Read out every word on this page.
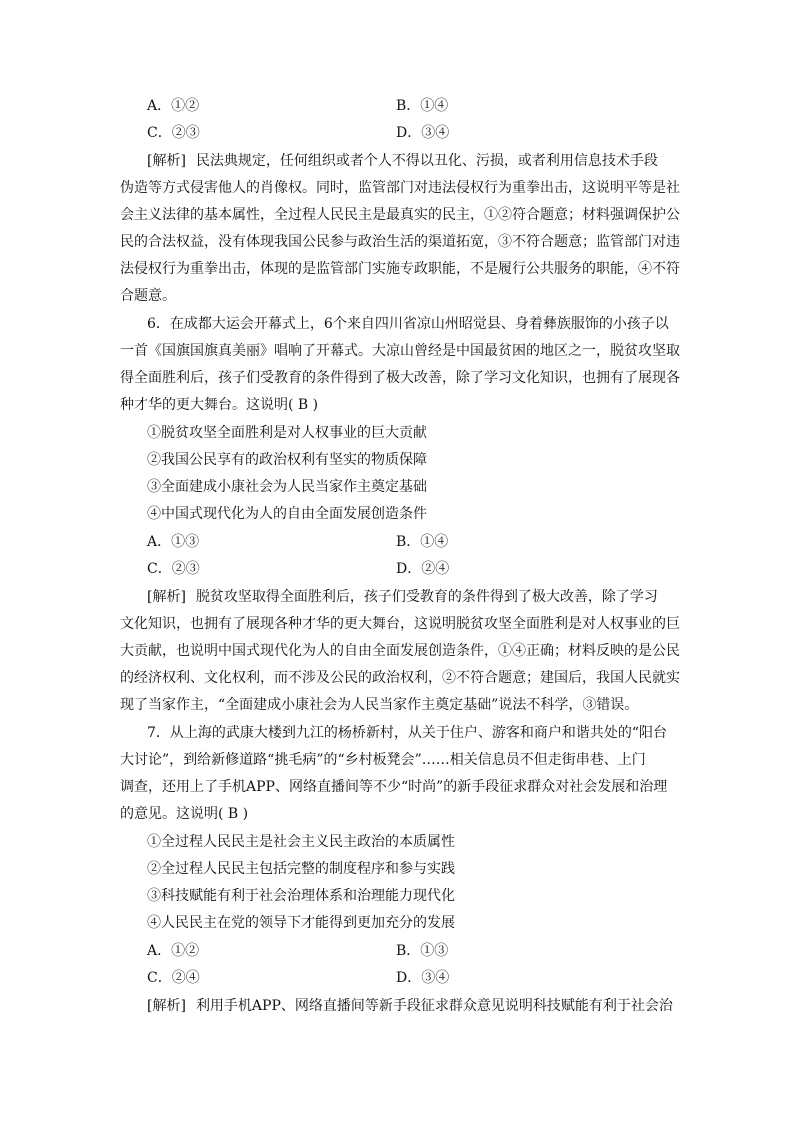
A．①②	B．①④
C．②③	D．③④
[解析] 民法典规定，任何组织或者个人不得以丑化、污损，或者利用信息技术手段
伪造等方式侵害他人的肖像权。同时，监管部门对违法侵权行为重拳出击，这说明平等是社
会主义法律的基本属性，全过程人民民主是最真实的民主，①②符合题意；材料强调保护公
民的合法权益，没有体现我国公民参与政治生活的渠道拓宽，③不符合题意；监管部门对违
法侵权行为重拳出击，体现的是监管部门实施专政职能，不是履行公共服务的职能，④不符
合题意。
6．在成都大运会开幕式上，6个来自四川省凉山州昭觉县、身着彝族服饰的小孩子以
一首《国旗国旗真美丽》唱响了开幕式。大凉山曾经是中国最贫困的地区之一，脱贫攻坚取
得全面胜利后，孩子们受教育的条件得到了极大改善，除了学习文化知识，也拥有了展现各
种才华的更大舞台。这说明( B )
①脱贫攻坚全面胜利是对人权事业的巨大贡献
②我国公民享有的政治权利有坚实的物质保障
③全面建成小康社会为人民当家作主奠定基础
④中国式现代化为人的自由全面发展创造条件
A．①③	B．①④
C．②③	D．②④
[解析] 脱贫攻坚取得全面胜利后，孩子们受教育的条件得到了极大改善，除了学习
文化知识，也拥有了展现各种才华的更大舞台，这说明脱贫攻坚全面胜利是对人权事业的巨
大贡献，也说明中国式现代化为人的自由全面发展创造条件，①④正确；材料反映的是公民
的经济权利、文化权利，而不涉及公民的政治权利，②不符合题意；建国后，我国人民就实
现了当家作主，“全面建成小康社会为人民当家作主奠定基础”说法不科学，③错误。
7．从上海的武康大楼到九江的杨桥新村，从关于住户、游客和商户和谐共处的“阳台
大讨论”，到给新修道路“挑毛病”的“乡村板凳会”……相关信息员不但走街串巷、上门
调查，还用上了手机APP、网络直播间等不少“时尚”的新手段征求群众对社会发展和治理
的意见。这说明( B )
①全过程人民民主是社会主义民主政治的本质属性
②全过程人民民主包括完整的制度程序和参与实践
③科技赋能有利于社会治理体系和治理能力现代化
④人民民主在党的领导下才能得到更加充分的发展
A．①②	B．①③
C．②④	D．③④
[解析] 利用手机APP、网络直播间等新手段征求群众意见说明科技赋能有利于社会治
